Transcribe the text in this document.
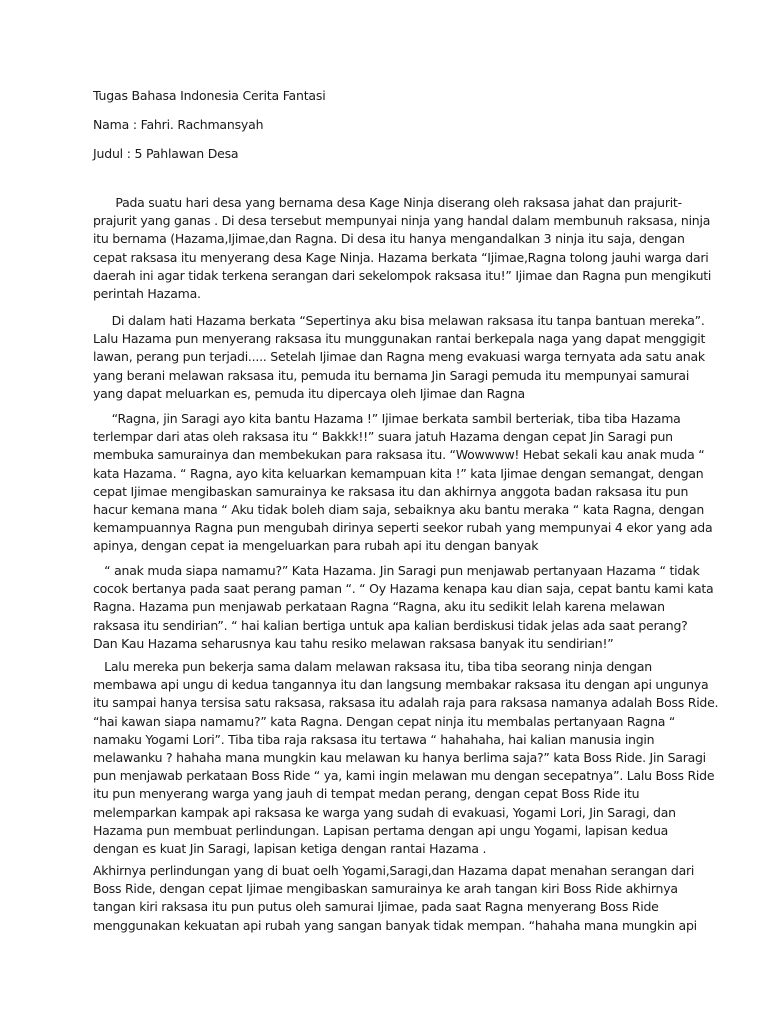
Tugas Bahasa Indonesia Cerita Fantasi
Nama : Fahri. Rachmansyah
Judul : 5 Pahlawan Desa
Pada suatu hari desa yang bernama desa Kage Ninja diserang oleh raksasa jahat dan prajurit-
prajurit yang ganas . Di desa tersebut mempunyai ninja yang handal dalam membunuh raksasa, ninja
itu bernama (Hazama,Ijimae,dan Ragna. Di desa itu hanya mengandalkan 3 ninja itu saja, dengan
cepat raksasa itu menyerang desa Kage Ninja. Hazama berkata “Ijimae,Ragna tolong jauhi warga dari
daerah ini agar tidak terkena serangan dari sekelompok raksasa itu!” Ijimae dan Ragna pun mengikuti
perintah Hazama.
Di dalam hati Hazama berkata “Sepertinya aku bisa melawan raksasa itu tanpa bantuan mereka”.
Lalu Hazama pun menyerang raksasa itu munggunakan rantai berkepala naga yang dapat menggigit
lawan, perang pun terjadi..... Setelah Ijimae dan Ragna meng evakuasi warga ternyata ada satu anak
yang berani melawan raksasa itu, pemuda itu bernama Jin Saragi pemuda itu mempunyai samurai
yang dapat meluarkan es, pemuda itu dipercaya oleh Ijimae dan Ragna
“Ragna, jin Saragi ayo kita bantu Hazama !” Ijimae berkata sambil berteriak, tiba tiba Hazama
terlempar dari atas oleh raksasa itu “ Bakkk!!” suara jatuh Hazama dengan cepat Jin Saragi pun
membuka samurainya dan membekukan para raksasa itu. “Wowwww! Hebat sekali kau anak muda “
kata Hazama. “ Ragna, ayo kita keluarkan kemampuan kita !” kata Ijimae dengan semangat, dengan
cepat Ijimae mengibaskan samurainya ke raksasa itu dan akhirnya anggota badan raksasa itu pun
hacur kemana mana “ Aku tidak boleh diam saja, sebaiknya aku bantu meraka “ kata Ragna, dengan
kemampuannya Ragna pun mengubah dirinya seperti seekor rubah yang mempunyai 4 ekor yang ada
apinya, dengan cepat ia mengeluarkan para rubah api itu dengan banyak
“ anak muda siapa namamu?” Kata Hazama. Jin Saragi pun menjawab pertanyaan Hazama “ tidak
cocok bertanya pada saat perang paman “. “ Oy Hazama kenapa kau dian saja, cepat bantu kami kata
Ragna. Hazama pun menjawab perkataan Ragna “Ragna, aku itu sedikit lelah karena melawan
raksasa itu sendirian”. “ hai kalian bertiga untuk apa kalian berdiskusi tidak jelas ada saat perang?
Dan Kau Hazama seharusnya kau tahu resiko melawan raksasa banyak itu sendirian!”
Lalu mereka pun bekerja sama dalam melawan raksasa itu, tiba tiba seorang ninja dengan
membawa api ungu di kedua tangannya itu dan langsung membakar raksasa itu dengan api ungunya
itu sampai hanya tersisa satu raksasa, raksasa itu adalah raja para raksasa namanya adalah Boss Ride.
“hai kawan siapa namamu?” kata Ragna. Dengan cepat ninja itu membalas pertanyaan Ragna “
namaku Yogami Lori”. Tiba tiba raja raksasa itu tertawa “ hahahaha, hai kalian manusia ingin
melawanku ? hahaha mana mungkin kau melawan ku hanya berlima saja?” kata Boss Ride. Jin Saragi
pun menjawab perkataan Boss Ride “ ya, kami ingin melawan mu dengan secepatnya”. Lalu Boss Ride
itu pun menyerang warga yang jauh di tempat medan perang, dengan cepat Boss Ride itu
melemparkan kampak api raksasa ke warga yang sudah di evakuasi, Yogami Lori, Jin Saragi, dan
Hazama pun membuat perlindungan. Lapisan pertama dengan api ungu Yogami, lapisan kedua
dengan es kuat Jin Saragi, lapisan ketiga dengan rantai Hazama .
Akhirnya perlindungan yang di buat oelh Yogami,Saragi,dan Hazama dapat menahan serangan dari
Boss Ride, dengan cepat Ijimae mengibaskan samurainya ke arah tangan kiri Boss Ride akhirnya
tangan kiri raksasa itu pun putus oleh samurai Ijimae, pada saat Ragna menyerang Boss Ride
menggunakan kekuatan api rubah yang sangan banyak tidak mempan. “hahaha mana mungkin api
